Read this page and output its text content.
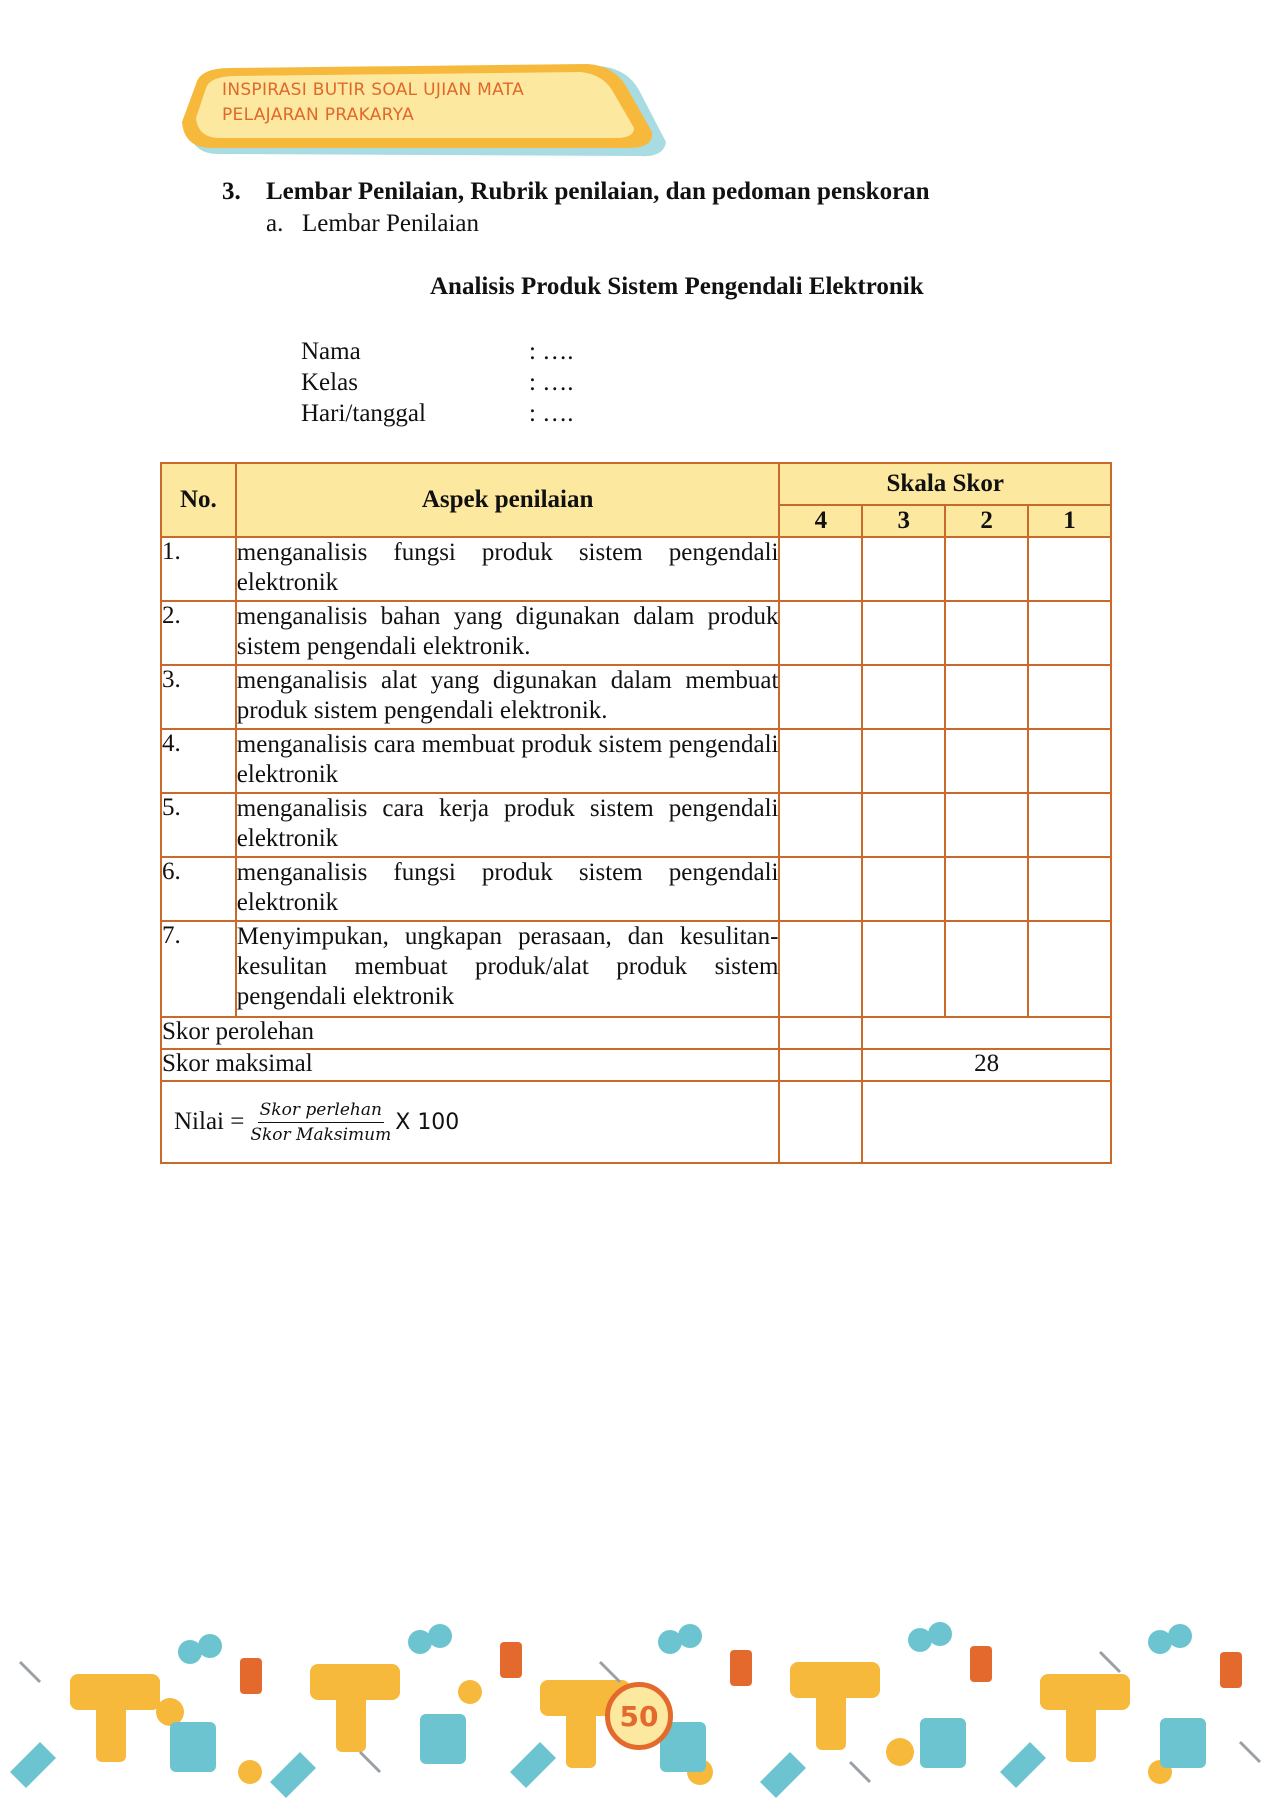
INSPIRASI BUTIR SOAL UJIAN MATA
PELAJARAN PRAKARYA
3. Lembar Penilaian, Rubrik penilaian, dan pedoman penskoran
a. Lembar Penilaian
Analisis Produk Sistem Pengendali Elektronik
Nama	: ….
Kelas	: ….
Hari/tanggal	: ….
No.	Aspek penilaian	Skala Skor			
		4	3	2	1
1.	menganalisis fungsi produk sistem pengendali elektronik				
2.	menganalisis bahan yang digunakan dalam produk sistem pengendali elektronik.				
3.	menganalisis alat yang digunakan dalam membuat produk sistem pengendali elektronik.				
4.	menganalisis cara membuat produk sistem pengendali elektronik				
5.	menganalisis cara kerja produk sistem pengendali elektronik				
6.	menganalisis fungsi produk sistem pengendali elektronik				
7.	Menyimpukan, ungkapan perasaan, dan kesulitan-kesulitan membuat produk/alat produk sistem pengendali elektronik				
Skor perolehan					
Skor maksimal			28		

Nilai = $\frac{\text{Skor perlehan}}{\text{Skor Maksimum}}$ X 100					

50
